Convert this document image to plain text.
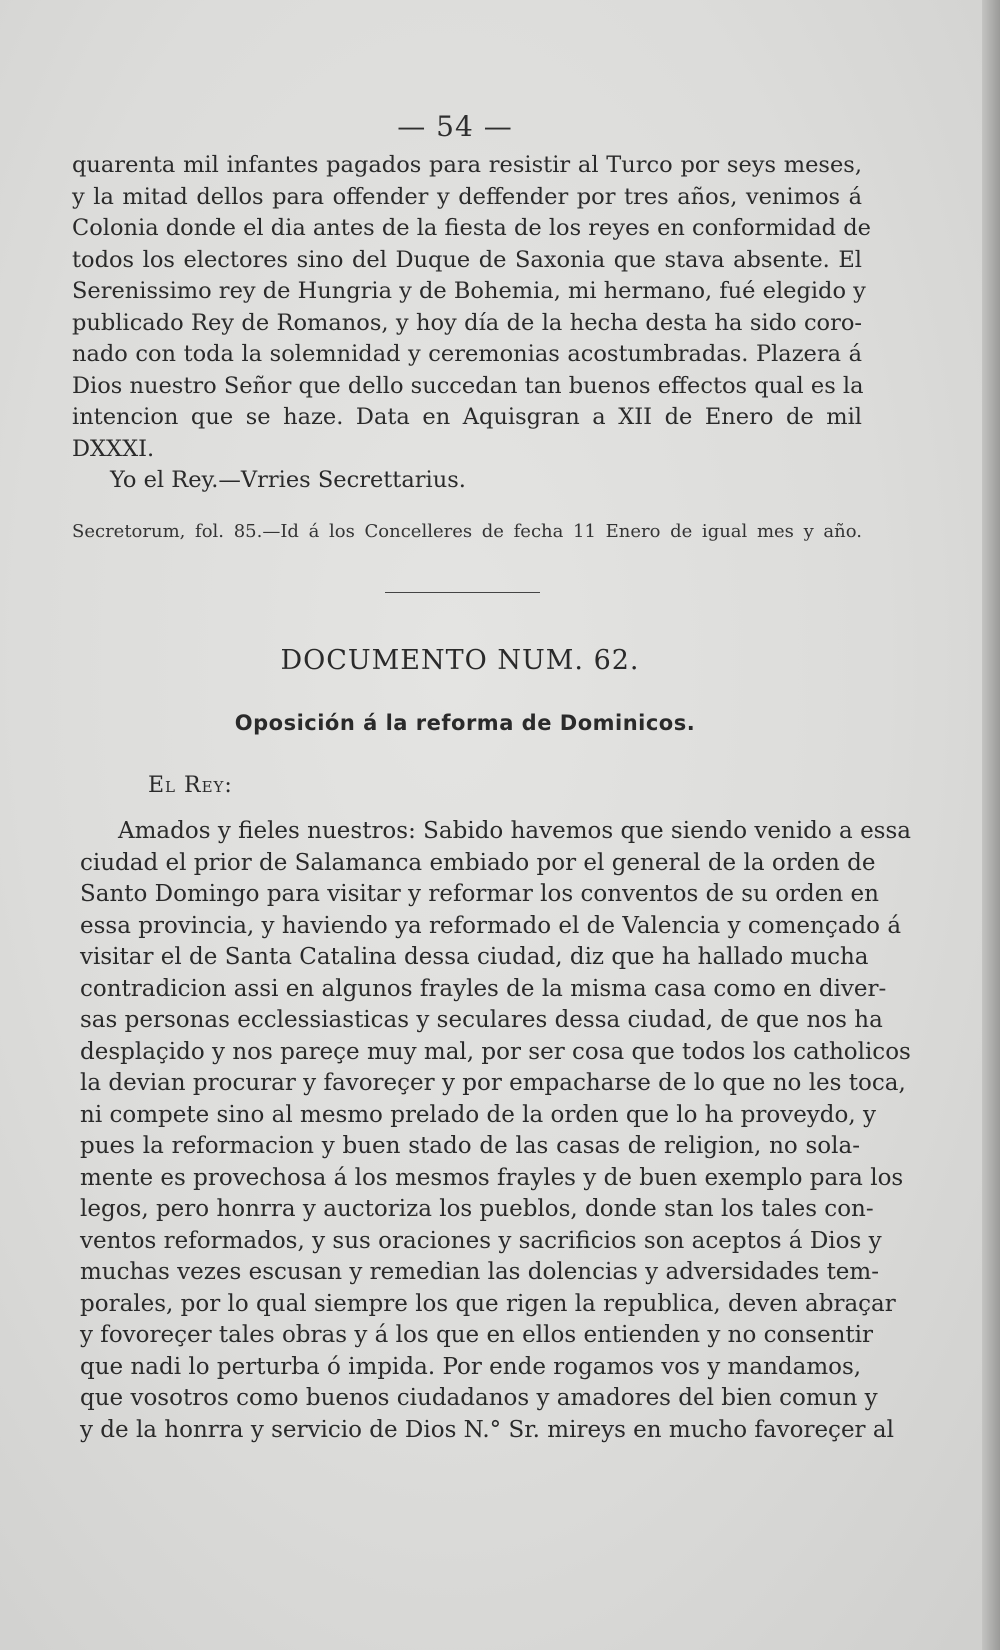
— 54 —
quarenta mil infantes pagados para resistir al Turco por seys meses,
y la mitad dellos para offender y deffender por tres años, venimos á
Colonia donde el dia antes de la fiesta de los reyes en conformidad de
todos los electores sino del Duque de Saxonia que stava absente. El
Serenissimo rey de Hungria y de Bohemia, mi hermano, fué elegido y
publicado Rey de Romanos, y hoy día de la hecha desta ha sido coro-
nado con toda la solemnidad y ceremonias acostumbradas. Plazera á
Dios nuestro Señor que dello succedan tan buenos effectos qual es la
intencion que se haze. Data en Aquisgran a XII de Enero de mil
DXXXI.
Yo el Rey.—Vrries Secrettarius.
Secretorum, fol. 85.—Id á los Concelleres de fecha 11 Enero de igual mes y año.
DOCUMENTO NUM. 62.
Oposición á la reforma de Dominicos.
El Rey:
Amados y fieles nuestros: Sabido havemos que siendo venido a essa
ciudad el prior de Salamanca embiado por el general de la orden de
Santo Domingo para visitar y reformar los conventos de su orden en
essa provincia, y haviendo ya reformado el de Valencia y començado á
visitar el de Santa Catalina dessa ciudad, diz que ha hallado mucha
contradicion assi en algunos frayles de la misma casa como en diver-
sas personas ecclessiasticas y seculares dessa ciudad, de que nos ha
desplaçido y nos pareçe muy mal, por ser cosa que todos los catholicos
la devian procurar y favoreçer y por empacharse de lo que no les toca,
ni compete sino al mesmo prelado de la orden que lo ha proveydo, y
pues la reformacion y buen stado de las casas de religion, no sola-
mente es provechosa á los mesmos frayles y de buen exemplo para los
legos, pero honrra y auctoriza los pueblos, donde stan los tales con-
ventos reformados, y sus oraciones y sacrificios son aceptos á Dios y
muchas vezes escusan y remedian las dolencias y adversidades tem-
porales, por lo qual siempre los que rigen la republica, deven abraçar
y fovoreçer tales obras y á los que en ellos entienden y no consentir
que nadi lo perturba ó impida. Por ende rogamos vos y mandamos,
que vosotros como buenos ciudadanos y amadores del bien comun y
y de la honrra y servicio de Dios N.° Sr. mireys en mucho favoreçer al
